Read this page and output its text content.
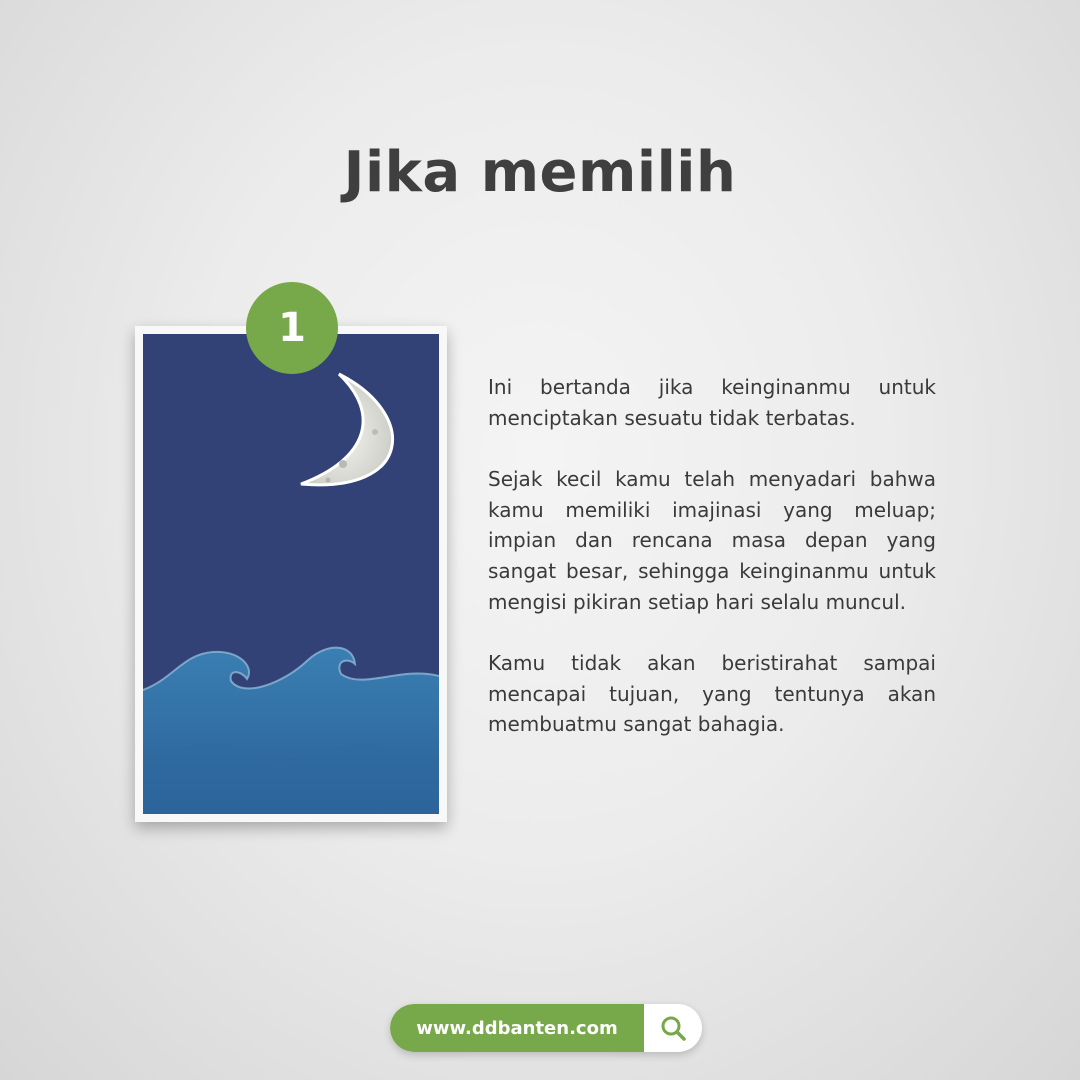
Jika memilih
1

Ini bertanda jika keinginanmu untuk menciptakan sesuatu tidak terbatas.

Sejak kecil kamu telah menyadari bahwa kamu memiliki imajinasi yang meluap; impian dan rencana masa depan yang sangat besar, sehingga keinginanmu untuk mengisi pikiran setiap hari selalu muncul.

Kamu tidak akan beristirahat sampai mencapai tujuan, yang tentunya akan membuatmu sangat bahagia.

www.ddbanten.com
